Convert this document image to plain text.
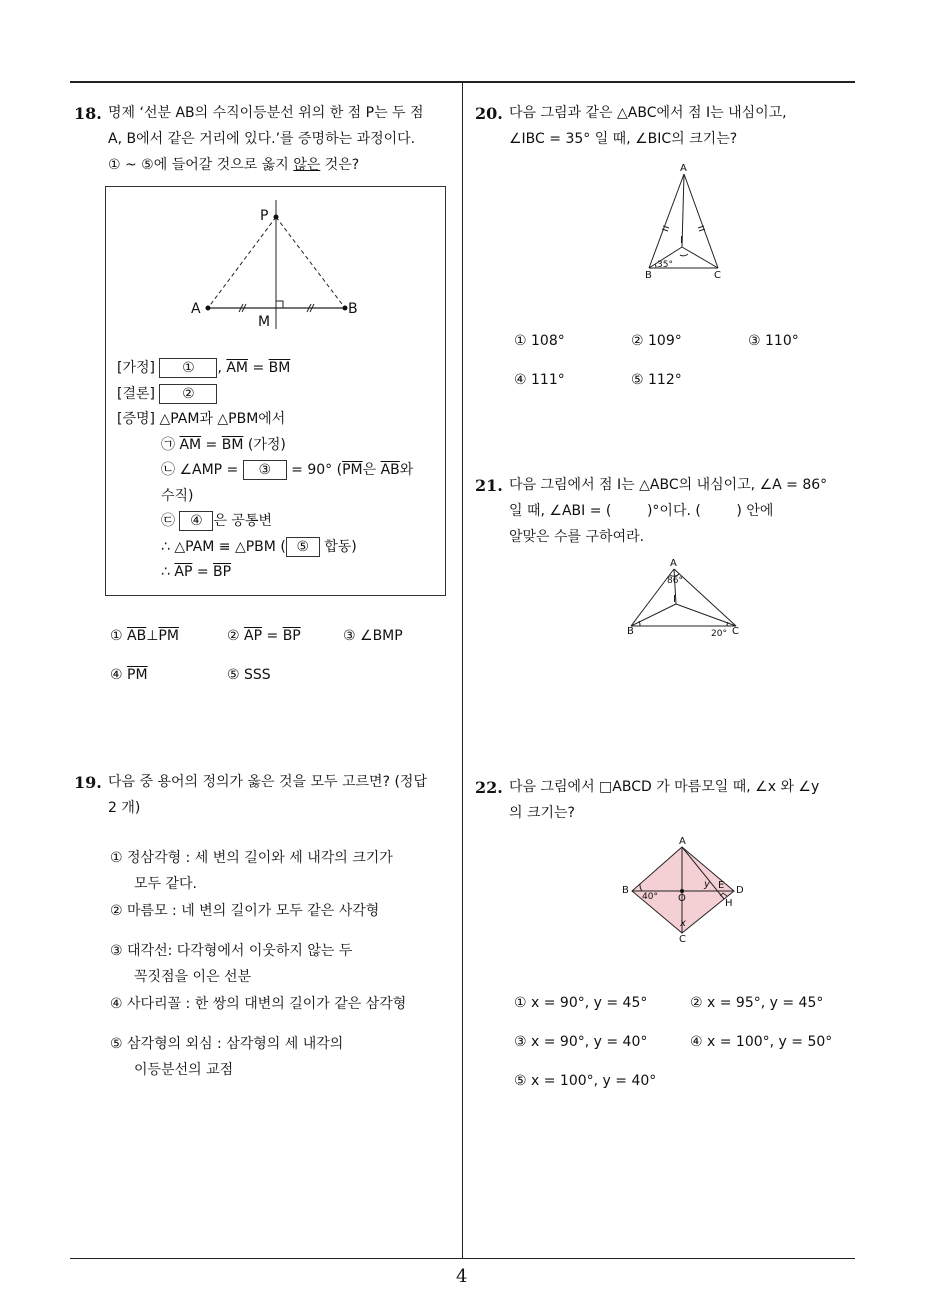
4
18. 명제 ‘선분 AB의 수직이등분선 위의 한 점 P는 두 점
A, B에서 같은 거리에 있다.’를 증명하는 과정이다.
① ~ ⑤에 들어갈 것으로 옳지 않은 것은?
P
A	B
M
[가정] ① , $\overline{AM} = \overline{BM}$
[결론] ②
[증명] △PAM과 △PBM에서
㉠ $\overline{AM} = \overline{BM}$ (가정)
㉡ ∠AMP = ③ = 90° ($\overline{PM}$은 $\overline{AB}$와
수직)
㉢ ④ 은 공통변
∴ △PAM ≡ △PBM ( ⑤ 합동)
∴ $\overline{AP} = \overline{BP}$
① $\overline{AB}\perp\overline{PM}$	② $\overline{AP} = \overline{BP}$	③ ∠BMP
④ $\overline{PM}$	⑤ SSS
19. 다음 중 용어의 정의가 옳은 것을 모두 고르면? (정답
2 개)
① 정삼각형 : 세 변의 길이와 세 내각의 크기가
모두 같다.
② 마름모 : 네 변의 길이가 모두 같은 사각형
③ 대각선: 다각형에서 이웃하지 않는 두
꼭짓점을 이은 선분
④ 사다리꼴 : 한 쌍의 대변의 길이가 같은 삼각형
⑤ 삼각형의 외심 : 삼각형의 세 내각의
이등분선의 교점
20. 다음 그림과 같은 △ABC에서 점 I는 내심이고,
∠IBC = 35° 일 때, ∠BIC의 크기는?
A
I
B	C
35°
① 108°	② 109°	③ 110°
④ 111°	⑤ 112°
21. 다음 그림에서 점 I는 △ABC의 내심이고, ∠A = 86°
일 때, ∠ABI = (        )°이다. (        ) 안에
알맞은 수를 구하여라.
A
86°
I
B	C
20°
22. 다음 그림에서 □ABCD 가 마름모일 때, ∠x 와 ∠y
의 크기는?
A
B
O
E D
H
C
x
y
40°
① x = 90°, y = 45°	② x = 95°, y = 45°
③ x = 90°, y = 40°	④ x = 100°, y = 50°
⑤ x = 100°, y = 40°
